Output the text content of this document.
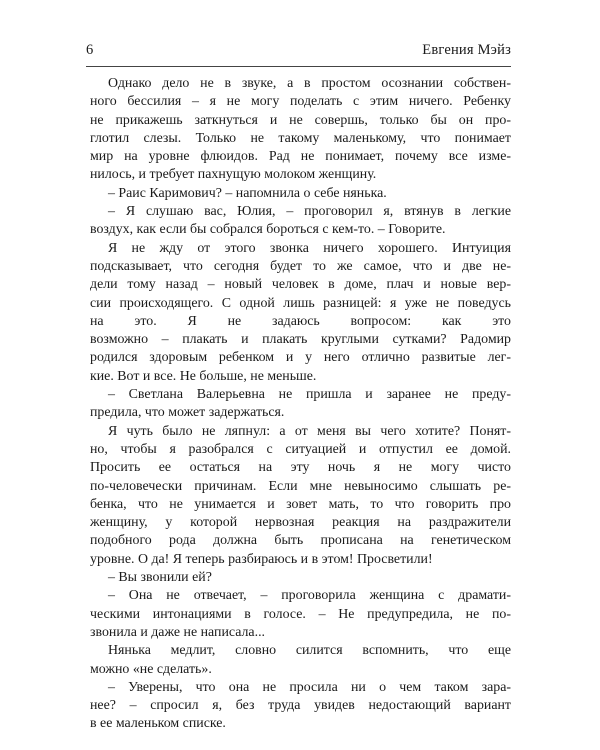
6	Евгения Мэйз

Однако дело не в звуке, а в простом осознании собствен-
ного бессилия – я не могу поделать с этим ничего. Ребенку
не прикажешь заткнуться и не совершь, только бы он про-
глотил слезы. Только не такому маленькому, что понимает
мир на уровне флюидов. Рад не понимает, почему все изме-
нилось, и требует пахнущую молоком женщину.

– Раис Каримович? – напомнила о себе нянька.

– Я слушаю вас, Юлия, – проговорил я, втянув в легкие
воздух, как если бы собрался бороться с кем-то. – Говорите.

Я не жду от этого звонка ничего хорошего. Интуиция
подсказывает, что сегодня будет то же самое, что и две не-
дели тому назад – новый человек в доме, плач и новые вер-
сии происходящего. С одной лишь разницей: я уже не поведусь
на это. Я не задаюсь вопросом: как это
возможно – плакать и плакать круглыми сутками? Радомир
родился здоровым ребенком и у него отлично развитые лег-
кие. Вот и все. Не больше, не меньше.

– Светлана Валерьевна не пришла и заранее не преду-
предила, что может задержаться.

Я чуть было не ляпнул: а от меня вы чего хотите? Понят-
но, чтобы я разобрался с ситуацией и отпустил ее домой.
Просить ее остаться на эту ночь я не могу чисто
по-человечески причинам. Если мне невыносимо слышать ре-
бенка, что не унимается и зовет мать, то что говорить про
женщину, у которой нервозная реакция на раздражители
подобного рода должна быть прописана на генетическом
уровне. О да! Я теперь разбираюсь и в этом! Просветили!

– Вы звонили ей?

– Она не отвечает, – проговорила женщина с драмати-
ческими интонациями в голосе. – Не предупредила, не по-
звонила и даже не написала...

Нянька медлит, словно силится вспомнить, что еще
можно «не сделать».

– Уверены, что она не просила ни о чем таком зара-
нее? – спросил я, без труда увидев недостающий вариант
в ее маленьком списке.
